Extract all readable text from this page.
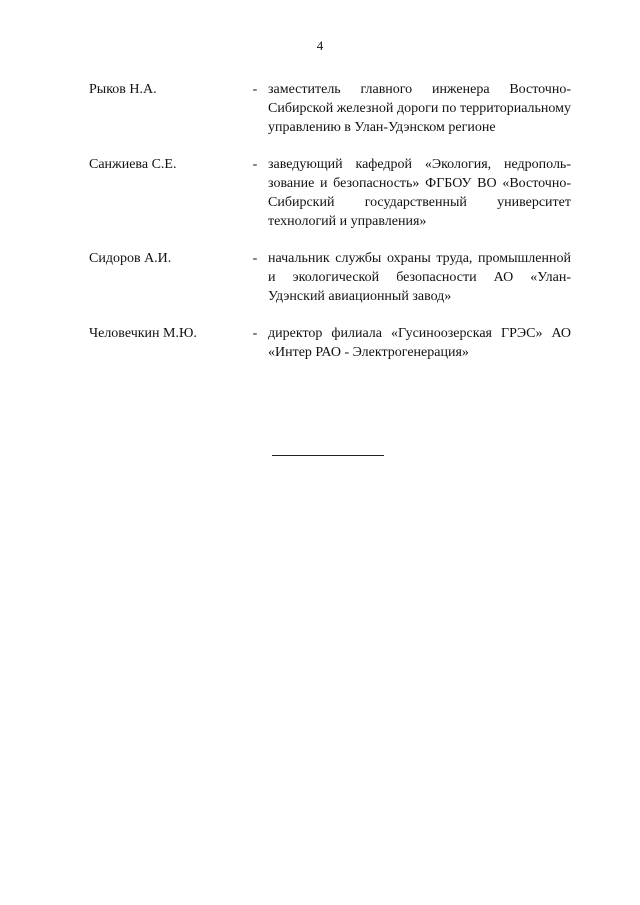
4
Рыков Н.А.	- заместитель главного инженера Восточно-Сибирской железной дороги по территориальному управлению в Улан-Удэнском регионе
Санжиева С.Е.	- заведующий кафедрой «Экология, недропользование и безопасность» ФГБОУ ВО «Восточно-Сибирский государственный университет технологий и управления»
Сидоров А.И.	- начальник службы охраны труда, промышленной и экологической безопасности АО «Улан-Удэнский авиационный завод»
Человечкин М.Ю.	- директор филиала «Гусиноозерская ГРЭС» АО «Интер РАО - Электрогенерация»
